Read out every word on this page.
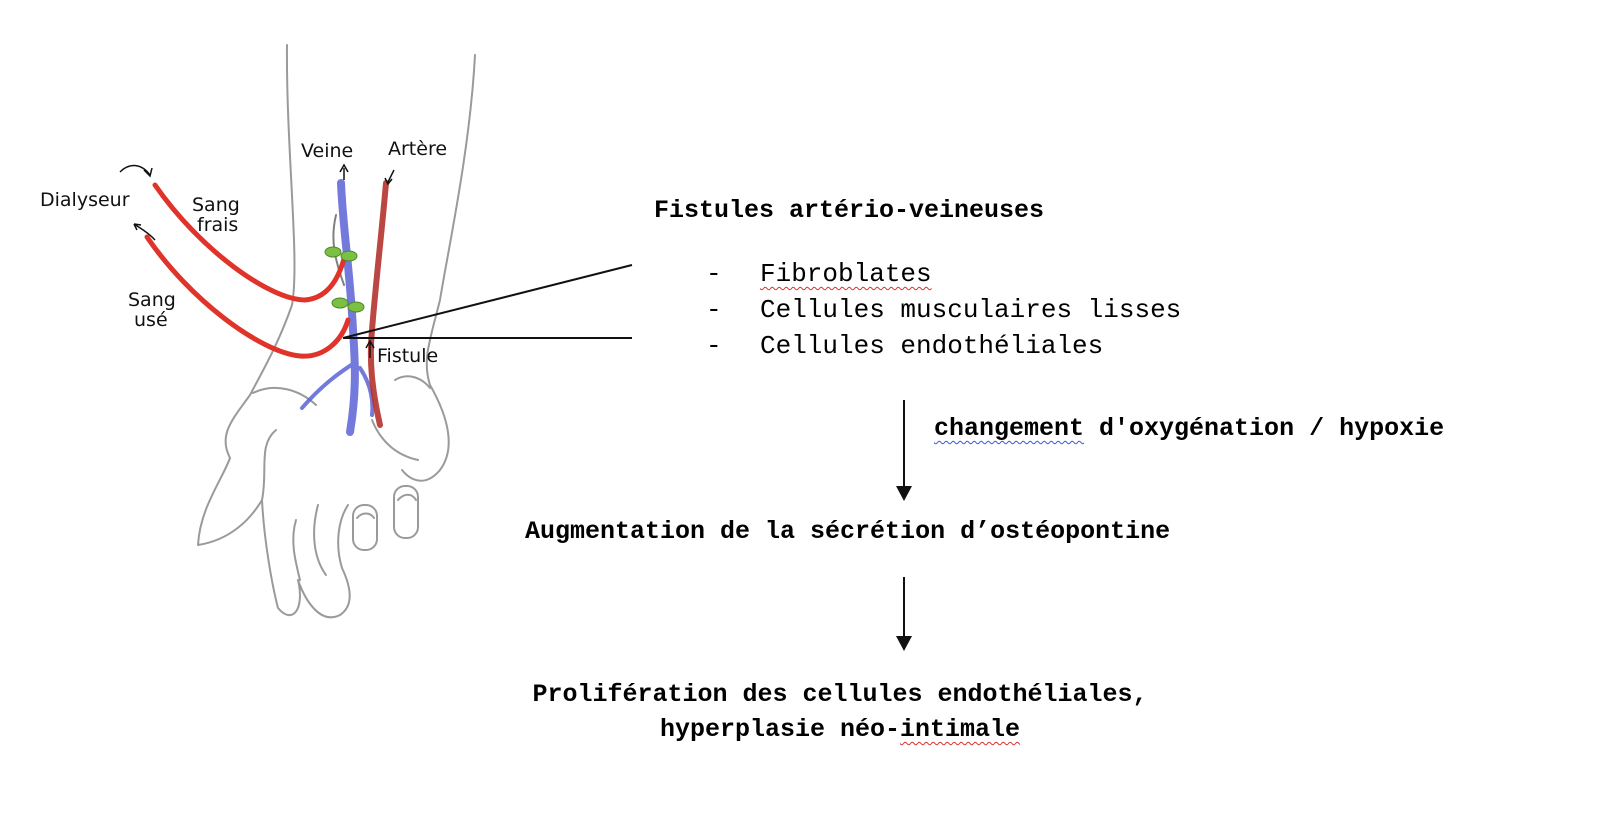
Dialyseur	Sang
frais
Sang
usé
Veine Artère
Fistule
Fistules artério-veineuses
- Fibroblates
- Cellules musculaires lisses
- Cellules endothéliales
changement d'oxygénation / hypoxie
Augmentation de la sécrétion d’ostéopontine
Prolifération des cellules endothéliales,
hyperplasie néo-intimale
